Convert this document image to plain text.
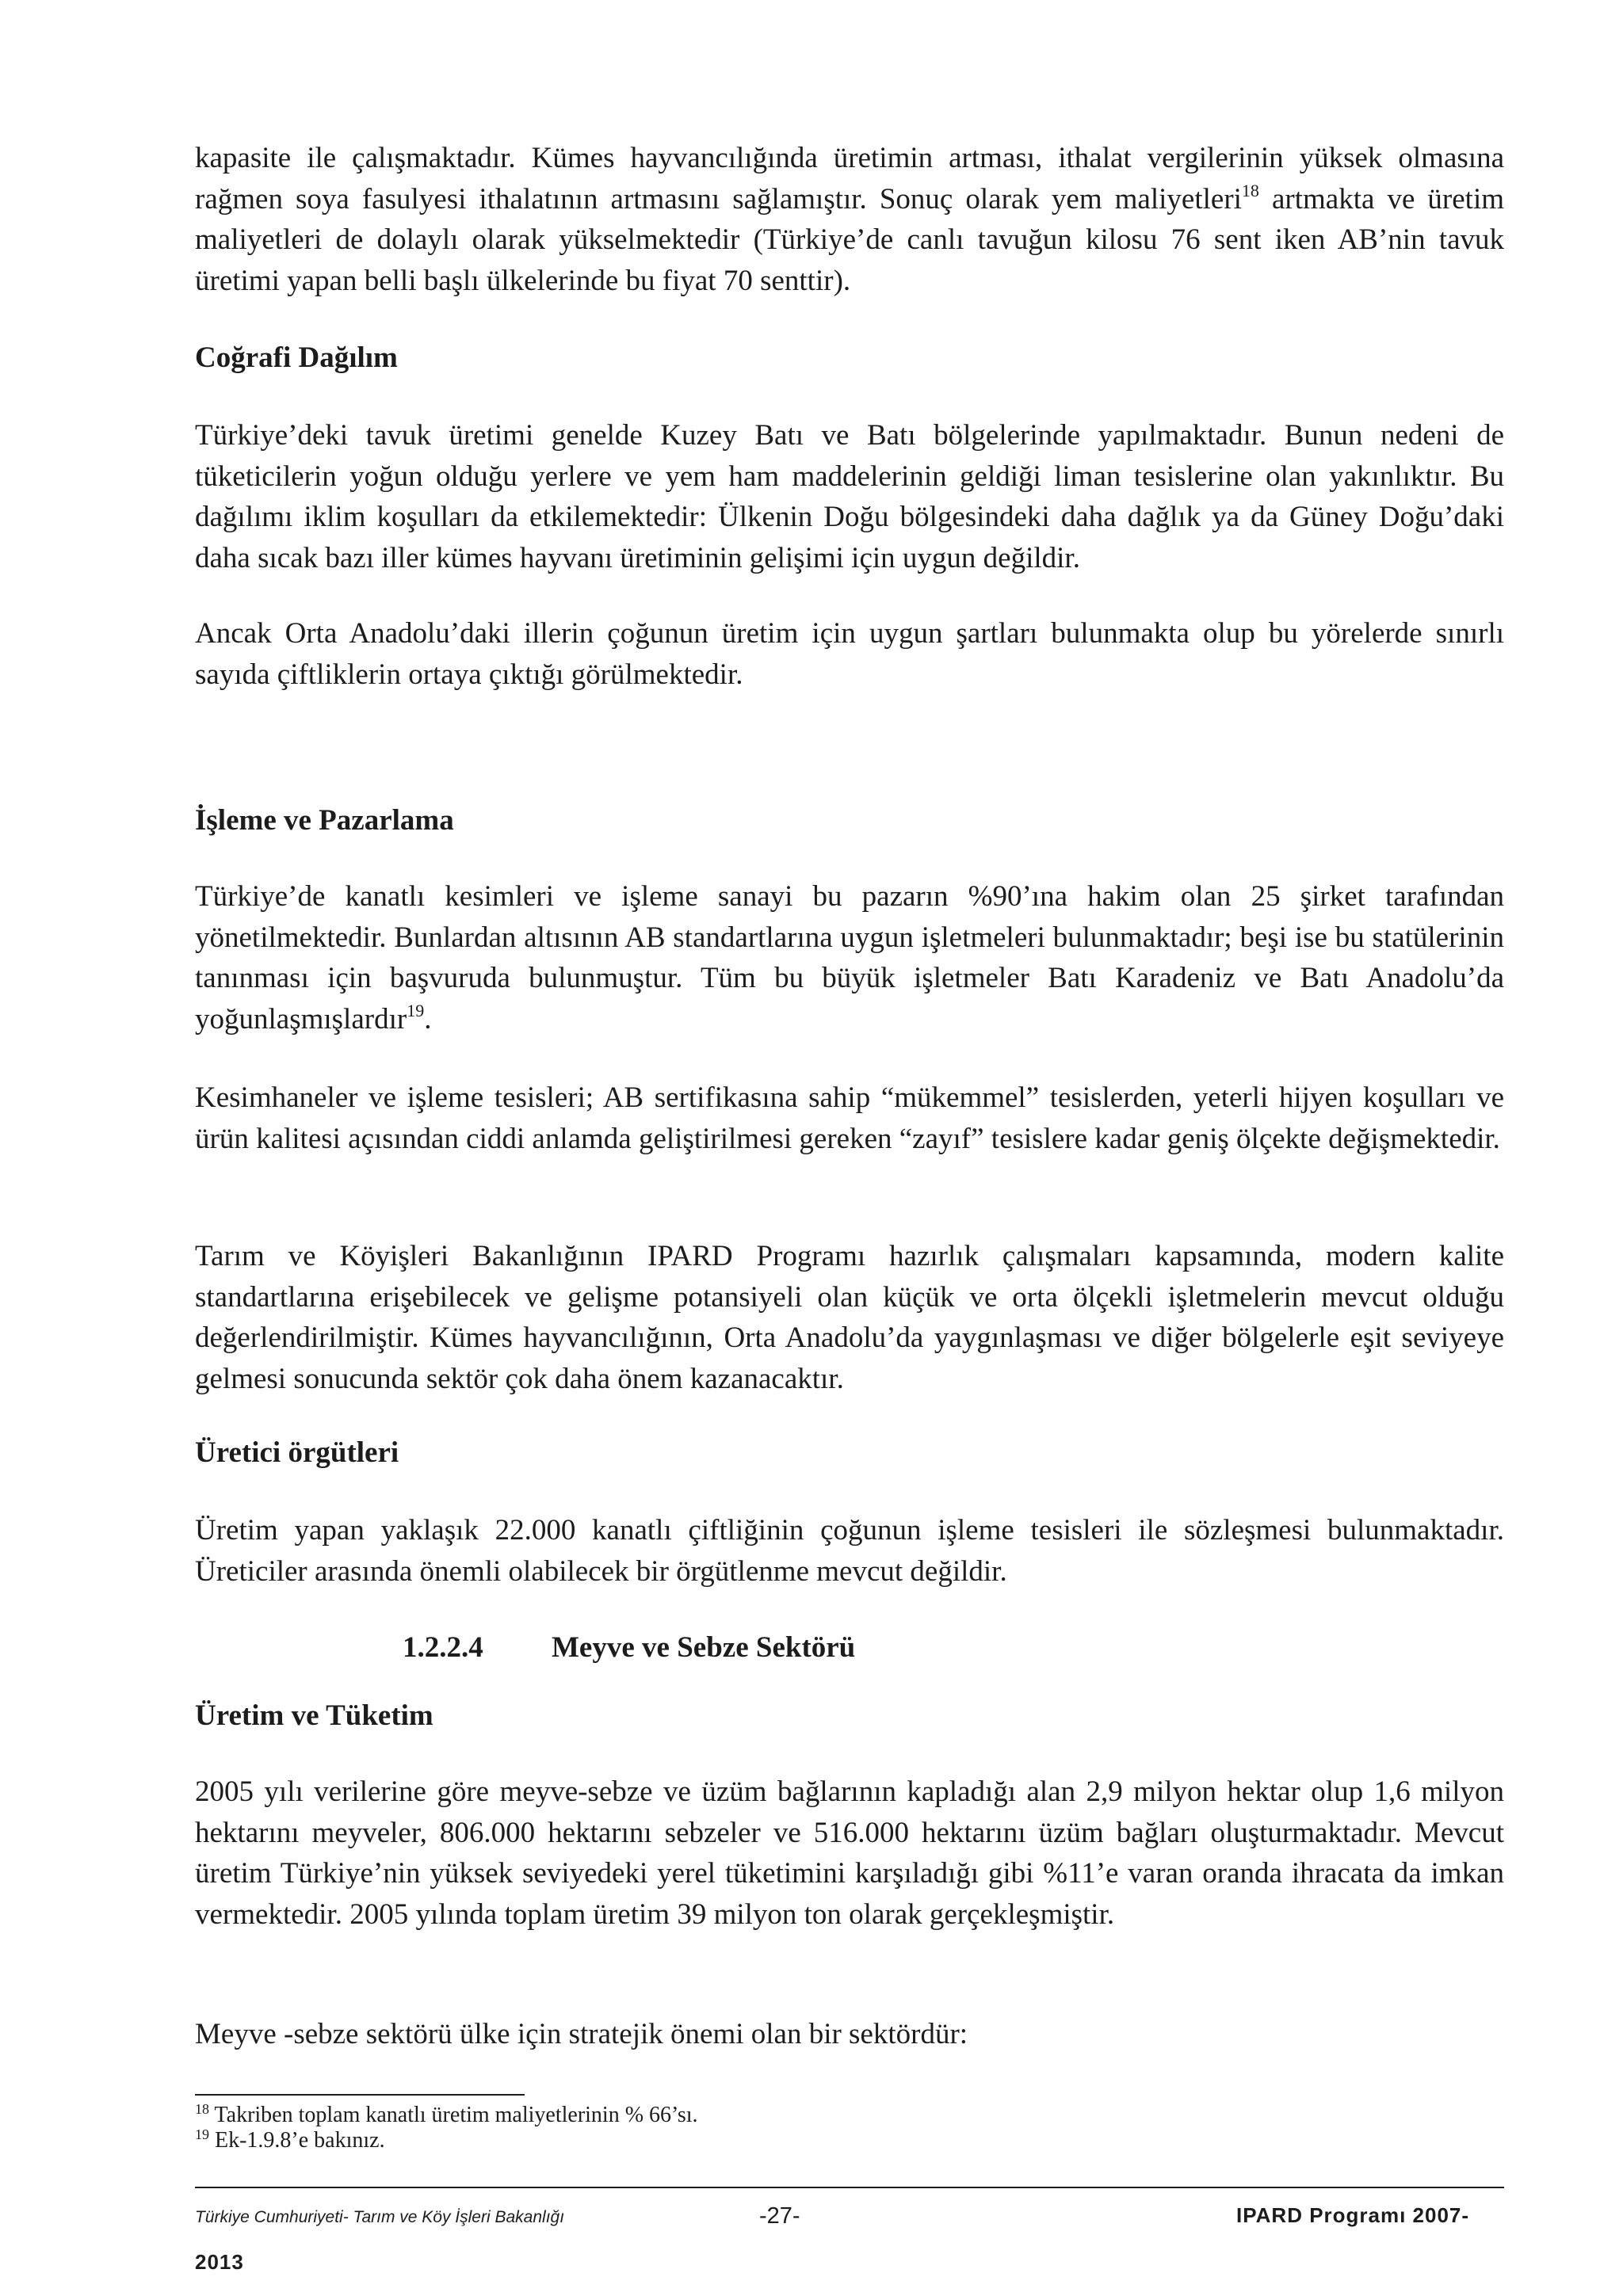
kapasite ile çalışmaktadır. Kümes hayvancılığında üretimin artması, ithalat vergilerinin yüksek olmasına rağmen soya fasulyesi ithalatının artmasını sağlamıştır. Sonuç olarak yem maliyetleri$^{18}$ artmakta ve üretim maliyetleri de dolaylı olarak yükselmektedir (Türkiye’de canlı tavuğun kilosu 76 sent iken AB’nin tavuk üretimi yapan belli başlı ülkelerinde bu fiyat 70 senttir).

Coğrafi Dağılım

Türkiye’deki tavuk üretimi genelde Kuzey Batı ve Batı bölgelerinde yapılmaktadır. Bunun nedeni de tüketicilerin yoğun olduğu yerlere ve yem ham maddelerinin geldiği liman tesislerine olan yakınlıktır. Bu dağılımı iklim koşulları da etkilemektedir: Ülkenin Doğu bölgesindeki daha dağlık ya da Güney Doğu’daki daha sıcak bazı iller kümes hayvanı üretiminin gelişimi için uygun değildir.

Ancak Orta Anadolu’daki illerin çoğunun üretim için uygun şartları bulunmakta olup bu yörelerde sınırlı sayıda çiftliklerin ortaya çıktığı görülmektedir.

İşleme ve Pazarlama

Türkiye’de kanatlı kesimleri ve işleme sanayi bu pazarın %90’ına hakim olan 25 şirket tarafından yönetilmektedir. Bunlardan altısının AB standartlarına uygun işletmeleri bulunmaktadır; beşi ise bu statülerinin tanınması için başvuruda bulunmuştur. Tüm bu büyük işletmeler Batı Karadeniz ve Batı Anadolu’da yoğunlaşmışlardır$^{19}$.

Kesimhaneler ve işleme tesisleri; AB sertifikasına sahip “mükemmel” tesislerden, yeterli hijyen koşulları ve ürün kalitesi açısından ciddi anlamda geliştirilmesi gereken “zayıf” tesislere kadar geniş ölçekte değişmektedir.

Tarım ve Köyişleri Bakanlığının IPARD Programı hazırlık çalışmaları kapsamında, modern kalite standartlarına erişebilecek ve gelişme potansiyeli olan küçük ve orta ölçekli işletmelerin mevcut olduğu değerlendirilmiştir. Kümes hayvancılığının, Orta Anadolu’da yaygınlaşması ve diğer bölgelerle eşit seviyeye gelmesi sonucunda sektör çok daha önem kazanacaktır.

Üretici örgütleri

Üretim yapan yaklaşık 22.000 kanatlı çiftliğinin çoğunun işleme tesisleri ile sözleşmesi bulunmaktadır. Üreticiler arasında önemli olabilecek bir örgütlenme mevcut değildir.

1.2.2.4 Meyve ve Sebze Sektörü

Üretim ve Tüketim

2005 yılı verilerine göre meyve-sebze ve üzüm bağlarının kapladığı alan 2,9 milyon hektar olup 1,6 milyon hektarını meyveler, 806.000 hektarını sebzeler ve 516.000 hektarını üzüm bağları oluşturmaktadır. Mevcut üretim Türkiye’nin yüksek seviyedeki yerel tüketimini karşıladığı gibi %11’e varan oranda ihracata da imkan vermektedir. 2005 yılında toplam üretim 39 milyon ton olarak gerçekleşmiştir.

Meyve -sebze sektörü ülke için stratejik önemi olan bir sektördür:

$^{18}$ Takriben toplam kanatlı üretim maliyetlerinin % 66’sı.

$^{19}$ Ek-1.9.8’e bakınız.

Türkiye Cumhuriyeti- Tarım ve Köy İşleri Bakanlığı	-27-	IPARD Programı 2007-

2013
